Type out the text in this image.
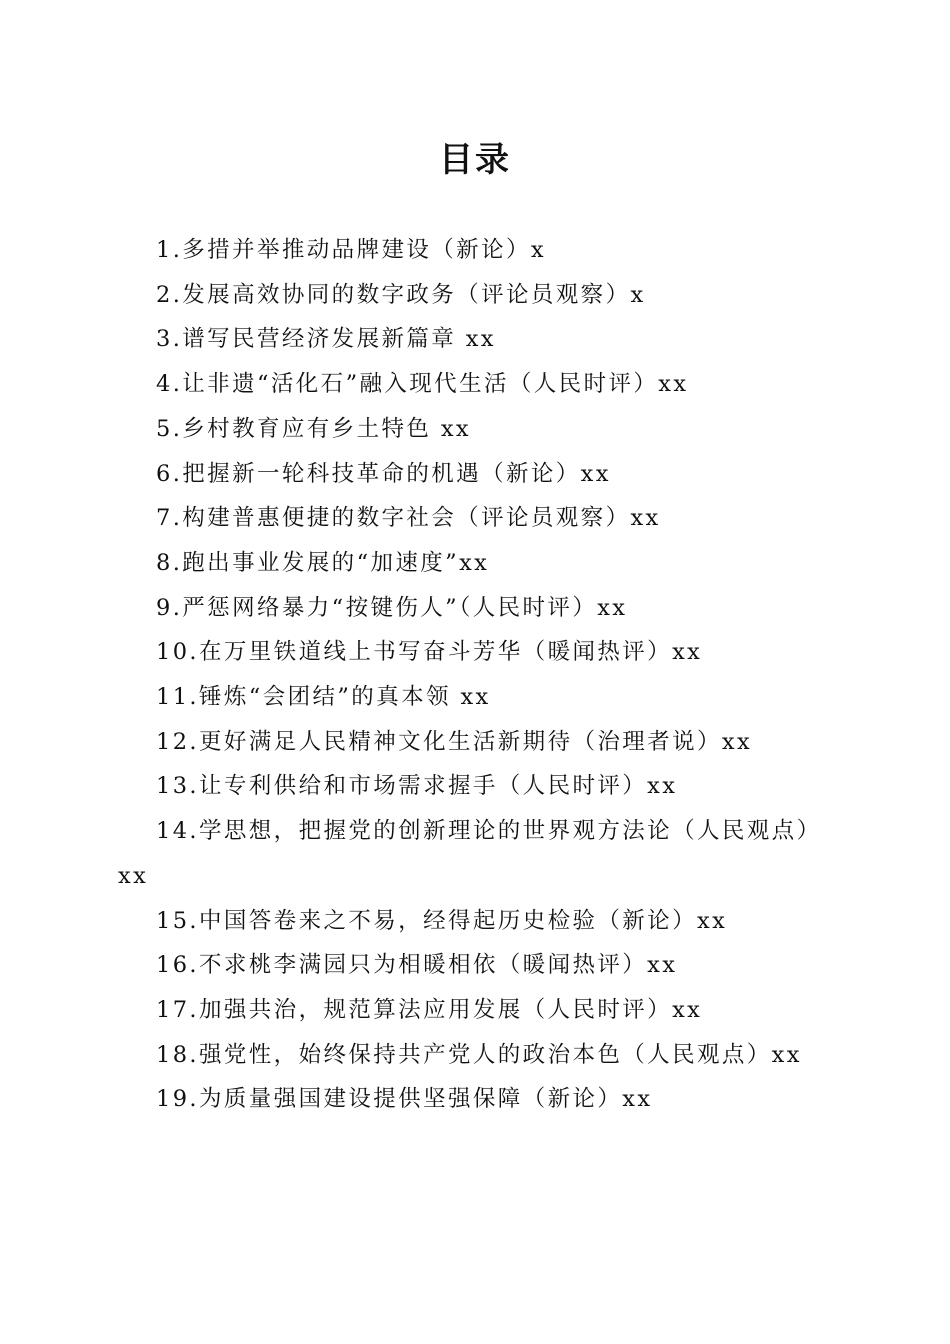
目录
1.多措并举推动品牌建设（新论）x
2.发展高效协同的数字政务（评论员观察）x
3.谱写民营经济发展新篇章 xx
4.让非遗“活化石”融入现代生活（人民时评）xx
5.乡村教育应有乡土特色 xx
6.把握新一轮科技革命的机遇（新论）xx
7.构建普惠便捷的数字社会（评论员观察）xx
8.跑出事业发展的“加速度”xx
9.严惩网络暴力“按键伤人”（人民时评）xx
10.在万里铁道线上书写奋斗芳华（暖闻热评）xx
11.锤炼“会团结”的真本领 xx
12.更好满足人民精神文化生活新期待（治理者说）xx
13.让专利供给和市场需求握手（人民时评）xx
14.学思想，把握党的创新理论的世界观方法论（人民观点）xx
15.中国答卷来之不易，经得起历史检验（新论）xx
16.不求桃李满园只为相暖相依（暖闻热评）xx
17.加强共治，规范算法应用发展（人民时评）xx
18.强党性，始终保持共产党人的政治本色（人民观点）xx
19.为质量强国建设提供坚强保障（新论）xx
